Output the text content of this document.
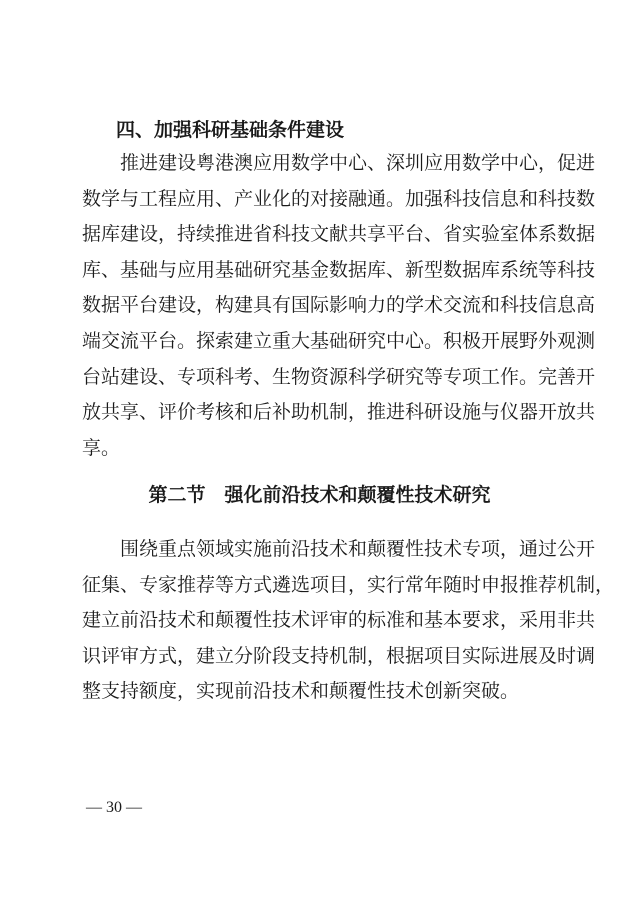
四、加强科研基础条件建设
推进建设粤港澳应用数学中心、深圳应用数学中心，促进
数学与工程应用、产业化的对接融通。加强科技信息和科技数
据库建设，持续推进省科技文献共享平台、省实验室体系数据
库、基础与应用基础研究基金数据库、新型数据库系统等科技
数据平台建设，构建具有国际影响力的学术交流和科技信息高
端交流平台。探索建立重大基础研究中心。积极开展野外观测
台站建设、专项科考、生物资源科学研究等专项工作。完善开
放共享、评价考核和后补助机制，推进科研设施与仪器开放共
享。
第二节　强化前沿技术和颠覆性技术研究
围绕重点领域实施前沿技术和颠覆性技术专项，通过公开
征集、专家推荐等方式遴选项目，实行常年随时申报推荐机制，
建立前沿技术和颠覆性技术评审的标准和基本要求，采用非共
识评审方式，建立分阶段支持机制，根据项目实际进展及时调
整支持额度，实现前沿技术和颠覆性技术创新突破。
— 30 —
